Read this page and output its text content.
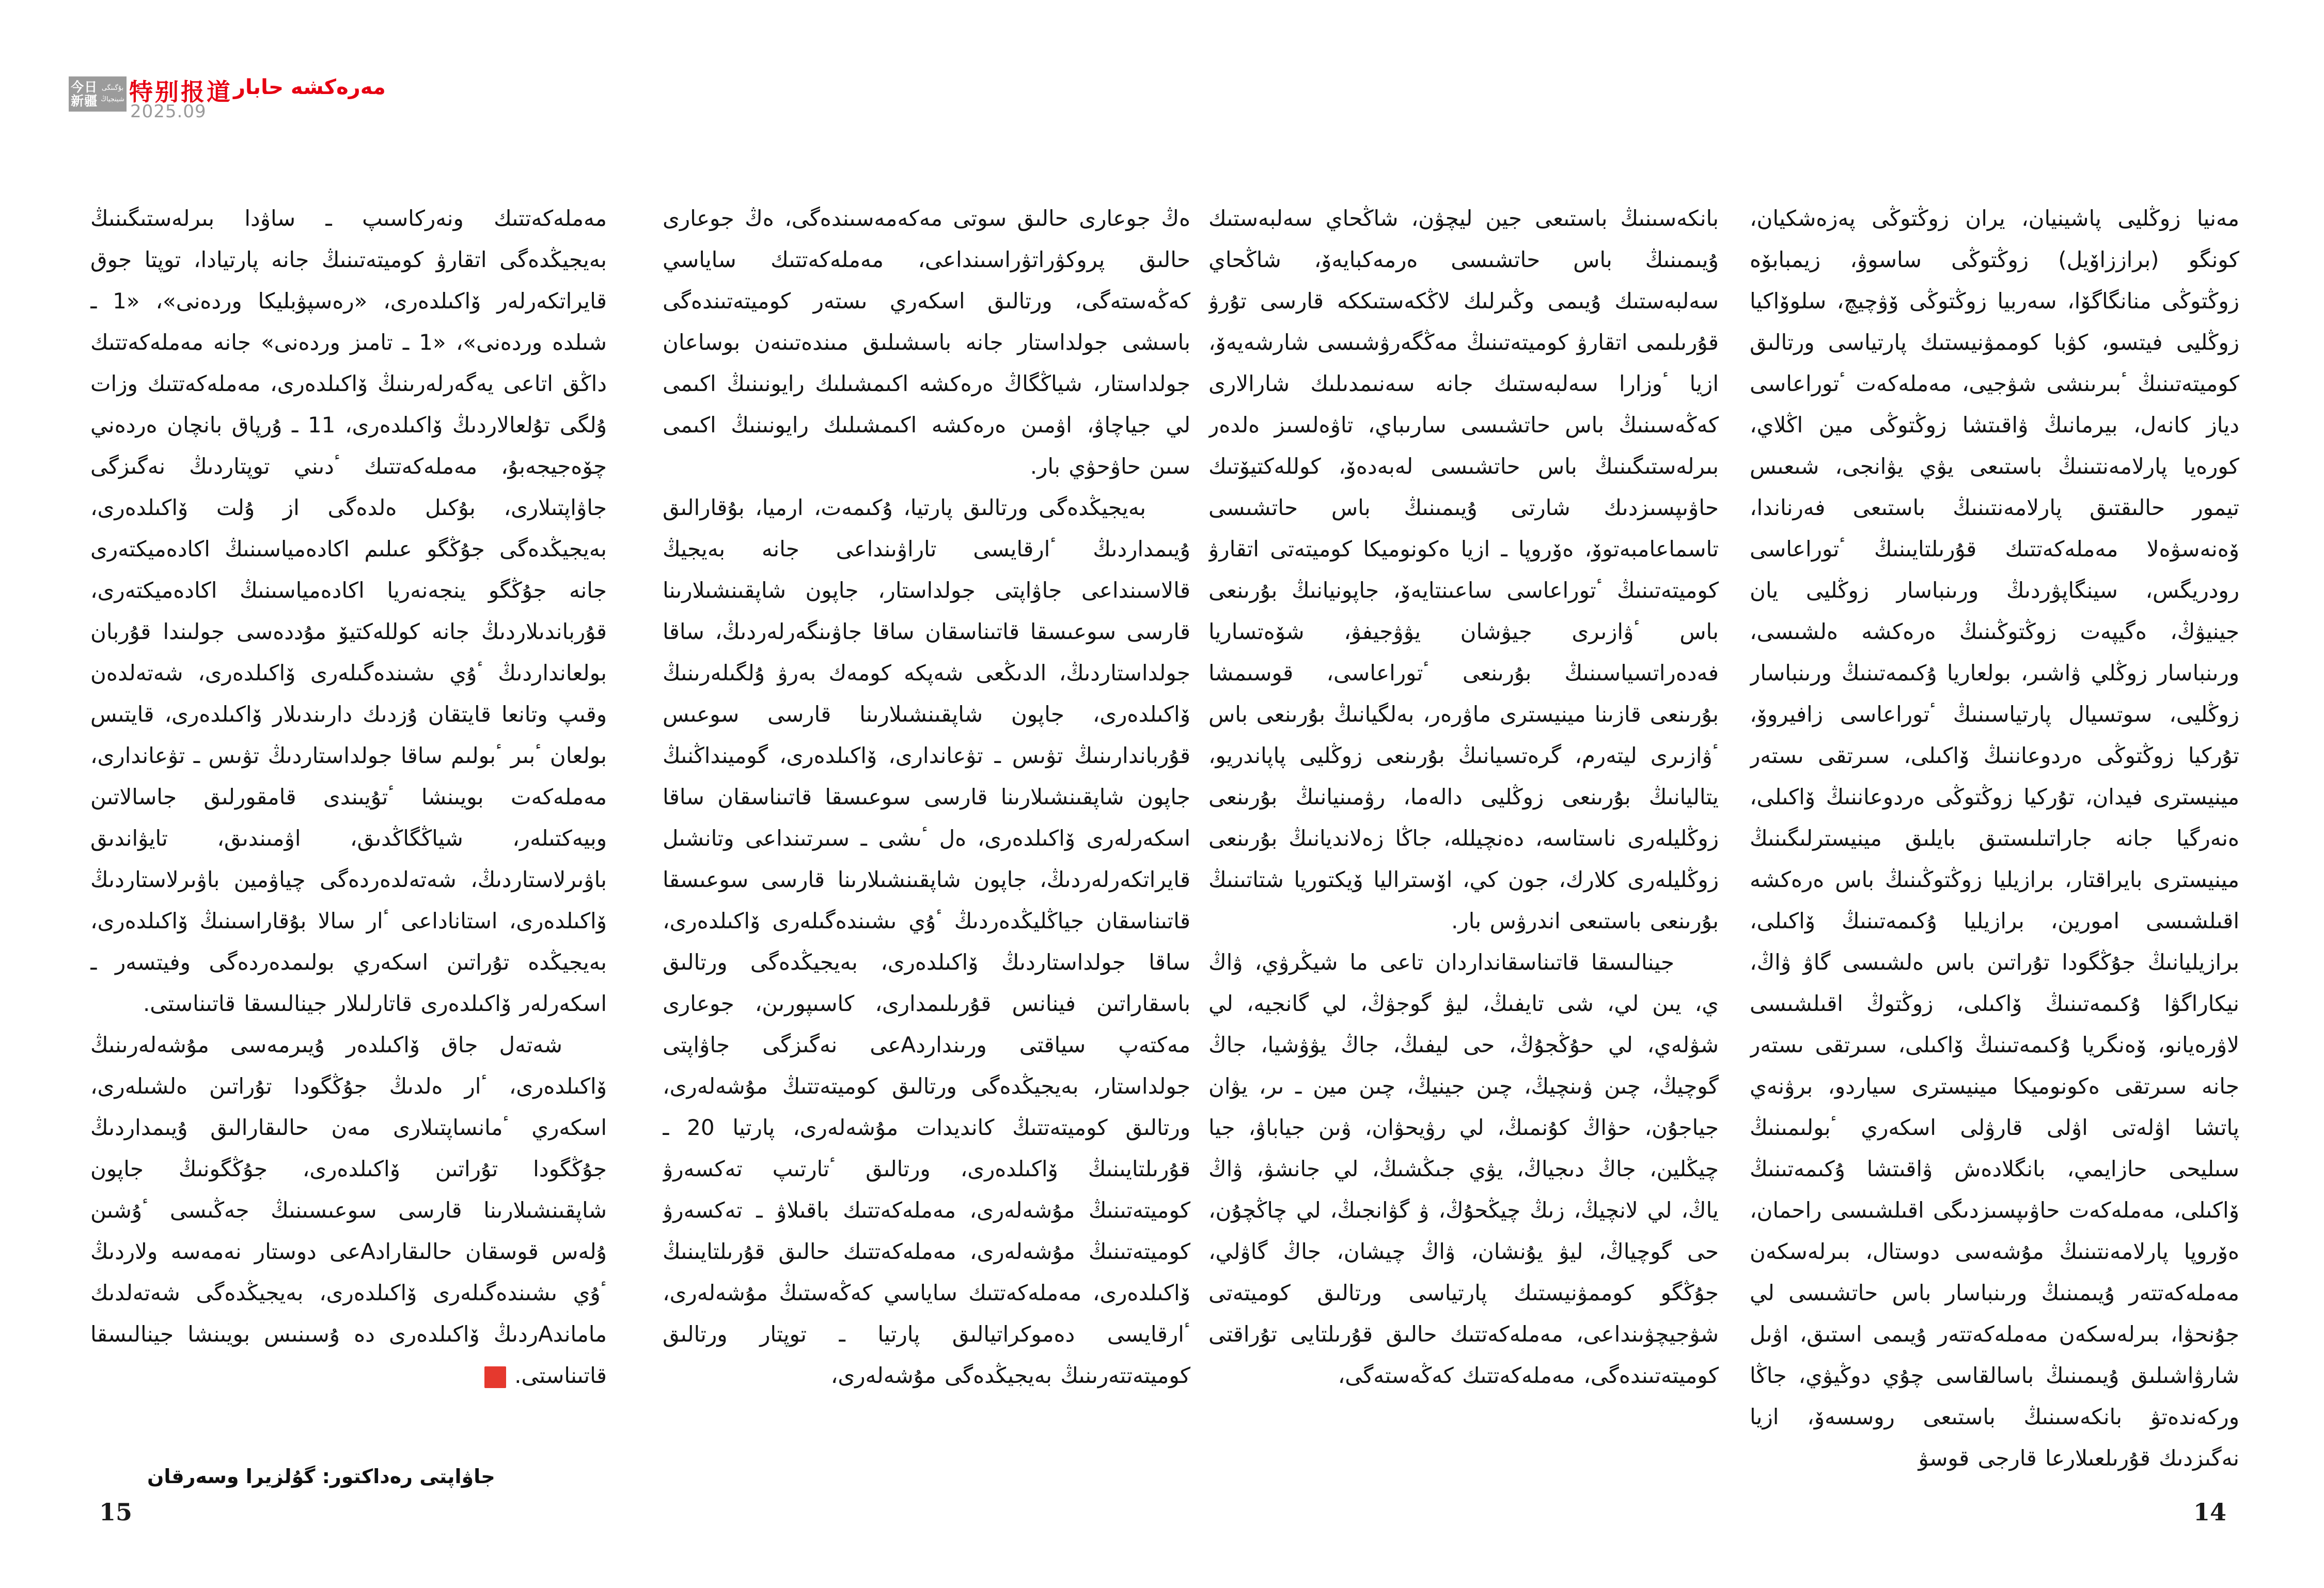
今日
新疆
بۇگىنگى
شينجياڭ 特别报道
2025.09
مەرەكشە حابار

مەملەكەتتىك ونەركاسىپ ـ ساۋدا بىرلەستىگىنىڭ بەيجيڭدەگى اتقارۋ كوميتەتىنىڭ جانە پارتيادا، توپتا جوق قايراتكەرلەر ۆاكىلدەرى، «رەسپۋبليكا وردەنى»، «1 ـ شىلدە وردەنى»، «1 ـ تامىز وردەنى» جانە مەملەكەتتىك داڭق اتاعى يەگەرلەرىنىڭ ۆاكىلدەرى، مەملەكەتتىك وزات ۇلگى تۇلعالاردىڭ ۆاكىلدەرى، 11 ـ ۇرپاق بانچان ەردەني چۆەجيجەبۇ، مەملەكەتتىك ٴدىني توپتاردىڭ نەگىزگى جاۋاپتىلارى، بۇكىل ەلدەگى از ۇلت ۆاكىلدەرى، بەيجيڭدەگى جۇڭگو عىلىم اكادەمياسىنىڭ اكادەميكتەرى جانە جۇڭگو ينجەنەريا اكادەمياسىنىڭ اكادەميكتەرى، قۇرباندىلاردىڭ جانە كوللەكتيۆ مۇددەسى جولىندا قۇربان بولعانداردىڭ ٴۇي ىشىندەگىلەرى ۆاكىلدەرى، شەتەلدەن وقىپ وتانعا قايتقان ۇزدىك دارىندىلار ۆاكىلدەرى، قايتىس بولعان ٴبىر ٴبولىم ساقا جولداستاردىڭ تۋىس ـ تۋعاندارى، مەملەكەت بويىنشا ٴتۇيىندى قامقورلىق جاسالاتىن وبيەكتىلەر، شياڭگاڭدىق، اۋمىندىق، تايۋاندىق باۋىرلاستاردىڭ، شەتەلدەردەگى چياۋمين باۋىرلاستاردىڭ ۆاكىلدەرى، استاناداعى ٴار سالا بۇقاراسىنىڭ ۆاكىلدەرى، بەيجيڭدە تۇراتىن اسكەري بولىمدەردەگى وفيتسەر ـ اسكەرلەر ۆاكىلدەرى قاتارلىلار جينالىسقا قاتىناستى.

شەتەل جاق ۆاكىلدەر ۇيىرمەسى مۇشەلەرىنىڭ ۆاكىلدەرى، ٴار ەلدىڭ جۇڭگودا تۇراتىن ەلشىلەرى، اسكەري ٴمانساپتىلارى مەن حالىقارالىق ۇيىمداردىڭ جۇڭگودا تۇراتىن ۆاكىلدەرى، جۇڭگونىڭ جاپون شاپقىنشىلارىنا قارسى سوعىسىنىڭ جەڭىسى ٴۇشىن ۇلەس قوسقان حالىقارادAعى دوستار نەمەسە ولاردىڭ ٴۇي ىشىندەگىلەرى ۆاكىلدەرى، بەيجيڭدەگى شەتەلدىك ماماندAردىڭ ۆاكىلدەرى دە ۇسىنىس بويىنشا جينالىسقا قاتىناستى.ر

ەڭ جوعارى حالىق سوتى مەكەمەسىندەگى، ەڭ جوعارى حالىق پروكۋراتۋراسىنداعى، مەملەكەتتىك ساياسي كەڭەستەگى، ورتالىق اسكەري ىستەر كوميتەتىندەگى باسشى جولداستار جانە باسشىلىق مىندەتىنەن بوساعان جولداستار، شياڭگاڭ ەرەكشە اكىمشىلىك رايونىنىڭ اكىمى لي جياچاۋ، اۋمىن ەرەكشە اكىمشىلىك رايونىنىڭ اكىمى سىن حاۋحۋي بار.

بەيجيڭدەگى ورتالىق پارتيا، ۇكىمەت، ارميا، بۇقارالىق ۇيىمداردىڭ ٴارقايسى تاراۋىنداعى جانە بەيجيڭ قالاسىنداعى جاۋاپتى جولداستار، جاپون شاپقىنشىلارىنا قارسى سوعىسقا قاتىناسقان ساقا جاۋىنگەرلەردىڭ، ساقا جولداستاردىڭ، الدىڭعى شەپكە كومەك بەرۋ ۇلگىلەرىنىڭ ۆاكىلدەرى، جاپون شاپقىنشىلارىنا قارسى سوعىس قۇرباندارىنىڭ تۋىس ـ تۋعاندارى، ۆاكىلدەرى، گومينداڭنىڭ جاپون شاپقىنشىلارىنا قارسى سوعىسقا قاتىناسقان ساقا اسكەرلەرى ۆاكىلدەرى، ەل ٴىشى ـ سىرتىنداعى وتانشىل قايراتكەرلەردىڭ، جاپون شاپقىنشىلارىنا قارسى سوعىسقا قاتىناسقان جياڭليڭدەردىڭ ٴۇي ىشىندەگىلەرى ۆاكىلدەرى، ساقا جولداستاردىڭ ۆاكىلدەرى، بەيجيڭدەگى ورتالىق باسقاراتىن فينانس قۇرىلىمدارى، كاسىپورىن، جوعارى مەكتەپ سياقتى ورىنداردAعى نەگىزگى جاۋاپتى جولداستار، بەيجيڭدەگى ورتالىق كوميتەتتىڭ مۇشەلەرى، ورتالىق كوميتەتتىڭ كانديدات مۇشەلەرى، پارتيا 20 ـ قۇرىلتايىنىڭ ۆاكىلدەرى، ورتالىق ٴتارتىپ تەكسەرۋ كوميتەتىنىڭ مۇشەلەرى، مەملەكەتتىك باقىلاۋ ـ تەكسەرۋ كوميتەتىنىڭ مۇشەلەرى، مەملەكەتتىك حالىق قۇرىلتايىنىڭ ۆاكىلدەرى، مەملەكەتتىك ساياسي كەڭەستىڭ مۇشەلەرى، ٴارقايسى دەموكراتيالىق پارتيا ـ توپتار ورتالىق كوميتەتتەرىنىڭ بەيجيڭدەگى مۇشەلەرى،

بانكەسىنىڭ باستىعى جين ليچۋن، شاڭحاي سەلبەستىك ۇيىمىنىڭ باس حاتشىسى ەرمەكبايەۆ، شاڭحاي سەلبەستىك ۇيىمى وڭىرلىك لاڭكەستىككە قارسى تۇرۋ قۇرىلىمى اتقارۋ كوميتەتىنىڭ مەڭگەرۋشىسى شارشەيەۆ، ازيا ٴوزارا سەلبەستىك جانە سەنىمدىلىك شارالارى كەڭەسىنىڭ باس حاتشىسى سارىباي، تاۋەلسىز ەلدەر بىرلەستىگىنىڭ باس حاتشىسى لەبەدەۆ، كوللەكتيۆتىك حاۋىپسىزدىك شارتى ۇيىمىنىڭ باس حاتشىسى تاسماعامبەتوۆ، ەۆروپا ـ ازيا ەكونوميكا كوميتەتى اتقارۋ كوميتەتىنىڭ ٴتوراعاسى ساعىنتايەۆ، جاپونيانىڭ بۇرىنعى باس ٴۋازىرى جيۋشان يۋۋجيفۋ، شۆەتساريا فەدەراتسياسىنىڭ بۇرىنعى ٴتوراعاسى، قوسىمشا بۇرىنعى قازىنا مينيسترى ماۋرەر، بەلگيانىڭ بۇرىنعى باس ٴۋازىرى ليتەرم، گرەتسيانىڭ بۇرىنعى زوڭليى پاپاندريو، يتاليانىڭ بۇرىنعى زوڭليى دالەما، رۋمىنيانىڭ بۇرىنعى زوڭليلەرى ناستاسە، دەنچيللە، جاڭا زەلانديانىڭ بۇرىنعى زوڭليلەرى كلارك، جون كي، اۆستراليا ۆيكتوريا شتاتىنىڭ بۇرىنعى باستىعى اندرۋس بار.

جينالىسقا قاتىناسقانداردان تاعى ما شيڭرۋي، ۋاڭ ي، يىن لي، شى تايفىڭ، ليۋ گوجۋڭ، لي گانجيە، لي شۋلەي، لي حۇڭجۇڭ، حى ليفىڭ، جاڭ يۋۋشيا، جاڭ گوچيڭ، چىن ۋىنچيڭ، چىن جينيڭ، چىن مين ـ ىر، يۋان جياجۇن، حۋاڭ كۇنمىڭ، لي رۋيحۋان، ۋىن جياباۋ، جيا چيڭلين، جاڭ دىجياڭ، يۋي جىڭشىڭ، لي جانشۋ، ۋاڭ ياڭ، لي لانچيڭ، زىڭ چيڭحۇڭ، ۋ گۋانجىڭ، لي چاڭچۇن، حى گوچياڭ، ليۋ يۇنشان، ۋاڭ چيشان، جاڭ گاۋلي، جۇڭگو كوممۋنيستىك پارتياسى ورتالىق كوميتەتى شۋجيچۋىنداعى، مەملەكەتتىك حالىق قۇرىلتايى تۇراقتى كوميتەتىندەگى، مەملەكەتتىك كەڭەستەگى،

مەنيا زوڭليى پاشينيان، يران زوڭتوڭى پەزەشكيان، كونگو (براززاۆيل) زوڭتوڭى ساسوۋ، زيمبابۆە زوڭتوڭى منانگاگۆا، سەربيا زوڭتوڭى ۆۋچيچ، سلوۆاكيا زوڭليى فيتسو، كۋبا كوممۋنيستىك پارتياسى ورتالىق كوميتەتىنىڭ ٴبىرىنشى شۋجيى، مەملەكەت ٴتوراعاسى دياز كانەل، بيرمانىڭ ۋاقىتشا زوڭتوڭى مين اڭلاي، كورەيا پارلامەنتىنىڭ باستىعى يۋي يۋانجى، شىعىس تيمور حالىقتىق پارلامەنتىنىڭ باستىعى فەرناندا، ۆەنەسۋەلا مەملەكەتتىك قۇرىلتايىنىڭ ٴتوراعاسى رودريگس، سينگاپۋردىڭ ورىنباسار زوڭليى يان جينيۋڭ، ەگيپەت زوڭتوڭىنىڭ ەرەكشە ەلشىسى، ورىنباسار زوڭلي ۋاشىر، بولعاريا ۇكىمەتىنىڭ ورىنباسار زوڭليى، سوتسيال پارتياسىنىڭ ٴتوراعاسى زافيروۆ، تۇركيا زوڭتوڭى ەردوعاننىڭ ۆاكىلى، سىرتقى ىستەر مينيسترى فيدان، تۇركيا زوڭتوڭى ەردوعاننىڭ ۆاكىلى، ەنەرگيا جانە جاراتىلىستىق بايلىق مينيسترلىگىنىڭ مينيسترى بايراقتار، برازيليا زوڭتوڭىنىڭ باس ەرەكشە اقىلشىسى امورين، برازيليا ۇكىمەتىنىڭ ۆاكىلى، برازيليانىڭ جۇڭگودا تۇراتىن باس ەلشىسى گاۋ ۋاڭ، نيكاراگۋا ۇكىمەتىنىڭ ۆاكىلى، زوڭتوڭ اقىلشىسى لاۋرەيانو، ۆەنگريا ۇكىمەتىنىڭ ۆاكىلى، سىرتقى ىستەر جانە سىرتقى ەكونوميكا مينيسترى سياردو، برۋنەي پاتشا اۋلەتى اۋلى قارۋلى اسكەري ٴبولىمىنىڭ سىليحى حازايمي، بانگلادەش ۋاقىتشا ۇكىمەتىنىڭ ۆاكىلى، مەملەكەت حاۋىپسىزدىگى اقىلشىسى راحمان، ەۆروپا پارلامەنتىنىڭ مۇشەسى دوستال، بىرلەسكەن مەملەكەتتەر ۇيىمىنىڭ ورىنباسار باس حاتشىسى لي جۇنحۋا، بىرلەسكەن مەملەكەتتەر ۇيىمى استىق، اۋىل شارۋاشىلىق ۇيىمىنىڭ باسالقاسى چۇي دوڭيۋي، جاڭا وركەندەتۋ بانكەسىنىڭ باستىعى روسسەۆ، ازيا نەگىزدىك قۇرىلعىلارعا قارجى قوسۋ

جاۋاپتى رەداكتور: گۇلزيرا وسەرقان
15	14
